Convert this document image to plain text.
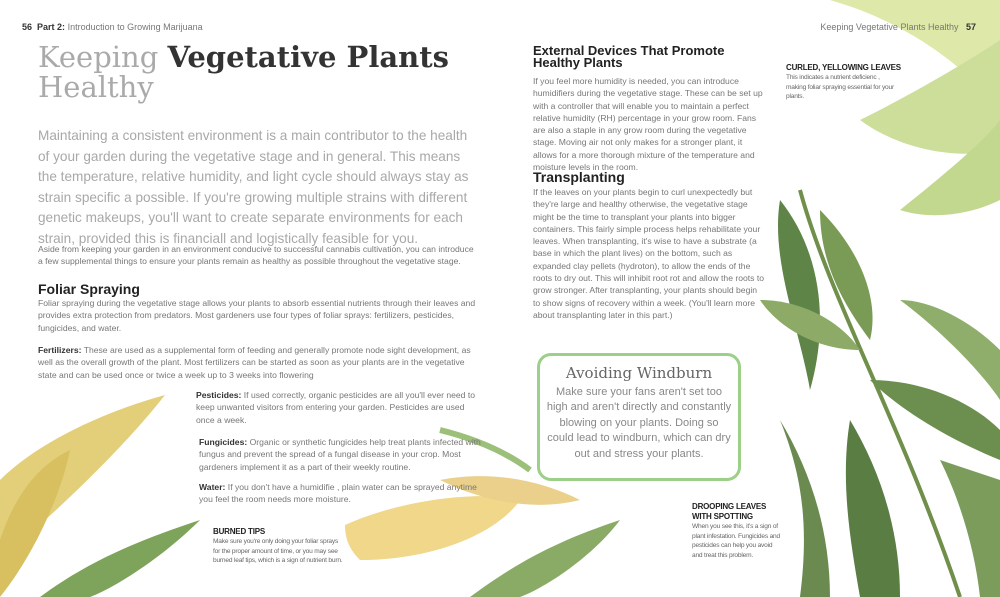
56 Part 2: Introduction to Growing Marijuana	Keeping Vegetative Plants Healthy 57
Keeping Vegetative Plants
Healthy

Maintaining a consistent environment is a main contributor to the health of your garden during the vegetative stage and in general. This means the temperature, relative humidity, and light cycle should always stay as strain specific a possible. If you're growing multiple strains with different genetic makeups, you'll want to create separate environments for each strain, provided this is financiall and logistically feasible for you.

Aside from keeping your garden in an environment conducive to successful cannabis cultivation, you can introduce a few supplemental things to ensure your plants remain as healthy as possible throughout the vegetative stage.

Foliar Spraying

Foliar spraying during the vegetative stage allows your plants to absorb essential nutrients through their leaves and provides extra protection from predators. Most gardeners use four types of foliar sprays: fertilizers, pesticides, fungicides, and water.

Fertilizers: These are used as a supplemental form of feeding and generally promote node sight development, as well as the overall growth of the plant. Most fertilizers can be started as soon as your plants are in the vegetative state and can be used once or twice a week up to 3 weeks into flowering

Pesticides: If used correctly, organic pesticides are all you'll ever need to keep unwanted visitors from entering your garden. Pesticides are used once a week.

Fungicides: Organic or synthetic fungicides help treat plants infected with fungus and prevent the spread of a fungal disease in your crop. Most gardeners implement it as a part of their weekly routine.

Water: If you don't have a humidifie , plain water can be sprayed anytime you feel the room needs more moisture.

BURNED TIPS
Make sure you're only doing your foliar sprays for the proper amount of time, or you may see burned leaf tips, which is a sign of nutrient burn.
External Devices That Promote Healthy Plants

If you feel more humidity is needed, you can introduce humidifiers during the vegetative stage. These can be set up with a controller that will enable you to maintain a perfect relative humidity (RH) percentage in your grow room. Fans are also a staple in any grow room during the vegetative stage. Moving air not only makes for a stronger plant, it allows for a more thorough mixture of the temperature and moisture levels in the room.

Transplanting

If the leaves on your plants begin to curl unexpectedly but they're large and healthy otherwise, the vegetative stage might be the time to transplant your plants into bigger containers. This fairly simple process helps rehabilitate your leaves. When transplanting, it's wise to have a substrate (a base in which the plant lives) on the bottom, such as expanded clay pellets (hydroton), to allow the ends of the roots to dry out. This will inhibit root rot and allow the roots to grow stronger. After transplanting, your plants should begin to show signs of recovery within a week. (You'll learn more about transplanting later in this part.)

Avoiding Windburn

Make sure your fans aren't set too high and aren't directly and constantly blowing on your plants. Doing so could lead to windburn, which can dry out and stress your plants.

CURLED, YELLOWING LEAVES
This indicates a nutrient deficienc , making foliar spraying essential for your plants.
DROOPING LEAVES WITH SPOTTING
When you see this, it's a sign of plant infestation. Fungicides and pesticides can help you avoid and treat this problem.
